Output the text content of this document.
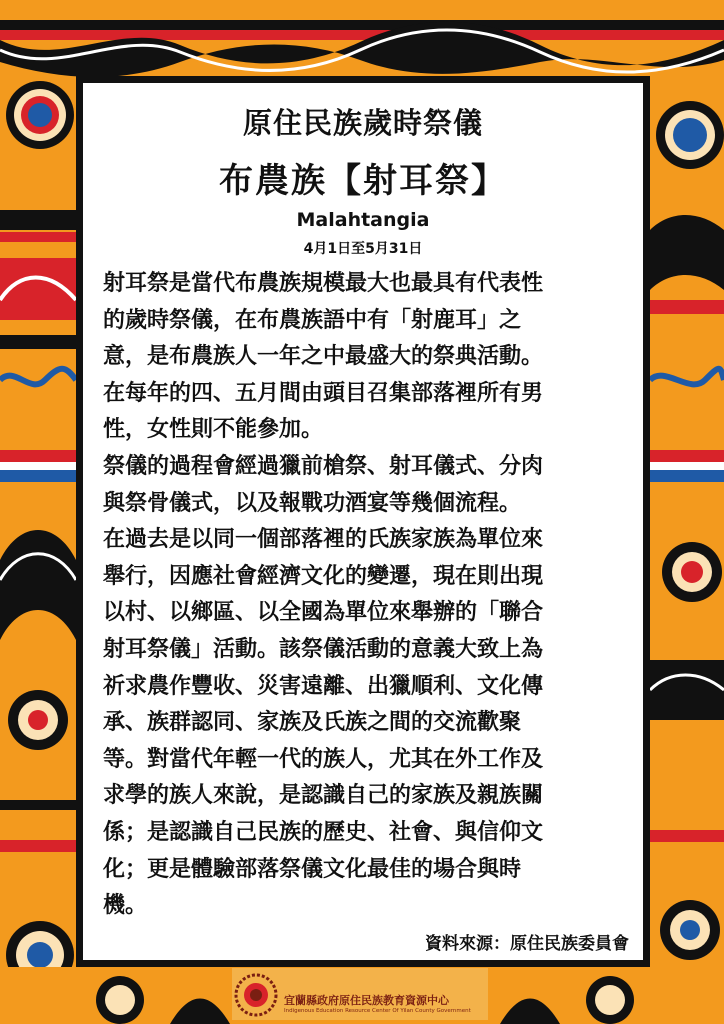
原住民族歲時祭儀
布農族【射耳祭】
Malahtangia
4月1日至5月31日

射耳祭是當代布農族規模最大也最具有代表性

的歲時祭儀，在布農族語中有「射鹿耳」之

意，是布農族人一年之中最盛大的祭典活動。

在每年的四、五月間由頭目召集部落裡所有男

性，女性則不能參加。

祭儀的過程會經過獵前槍祭、射耳儀式、分肉

與祭骨儀式，以及報戰功酒宴等幾個流程。

在過去是以同一個部落裡的氏族家族為單位來

舉行，因應社會經濟文化的變遷，現在則出現

以村、以鄉區、以全國為單位來舉辦的「聯合

射耳祭儀」活動。該祭儀活動的意義大致上為

祈求農作豐收、災害遠離、出獵順利、文化傳

承、族群認同、家族及氏族之間的交流歡聚

等。對當代年輕一代的族人，尤其在外工作及

求學的族人來說，是認識自己的家族及親族關

係；是認識自己民族的歷史、社會、與信仰文

化；更是體驗部落祭儀文化最佳的場合與時

機。

資料來源：原住民族委員會
宜蘭縣政府原住民族教育資源中心
Indigenous Education Resource Center Of Yilan County Government
